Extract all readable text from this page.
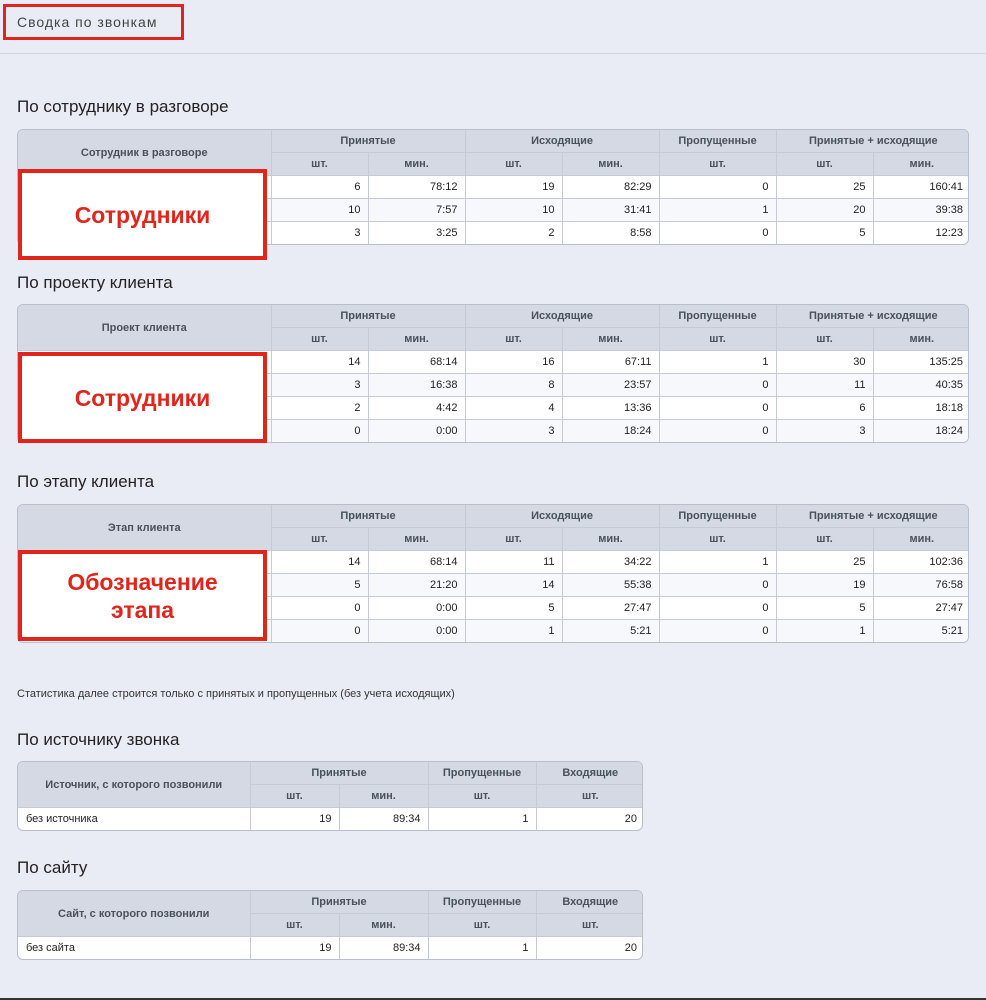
Сводка по звонкам
По сотруднику в разговоре
Сотрудник в разговоре	Принятые		Исходящие		Пропущенные	Принятые + исходящие	
	шт.	мин.	шт.	мин.	шт.	шт.	мин.
	6	78:12	19	82:29	0	25	160:41
	10	7:57	10	31:41	1	20	39:38
	3	3:25	2	8:58	0	5	12:23
Сотрудники
По проекту клиента
Проект клиента	Принятые		Исходящие		Пропущенные	Принятые + исходящие	
	шт.	мин.	шт.	мин.	шт.	шт.	мин.
	14	68:14	16	67:11	1	30	135:25
	3	16:38	8	23:57	0	11	40:35
	2	4:42	4	13:36	0	6	18:18
	0	0:00	3	18:24	0	3	18:24
Сотрудники
По этапу клиента
Этап клиента	Принятые		Исходящие		Пропущенные	Принятые + исходящие	
	шт.	мин.	шт.	мин.	шт.	шт.	мин.
	14	68:14	11	34:22	1	25	102:36
	5	21:20	14	55:38	0	19	76:58
	0	0:00	5	27:47	0	5	27:47
	0	0:00	1	5:21	0	1	5:21
Обозначение
этапа
Статистика далее строится только с принятых и пропущенных (без учета исходящих)
По источнику звонка
Источник, с которого позвонили	Принятые		Пропущенные	Входящие
	шт.	мин.	шт.	шт.
без источника	19	89:34	1	20
По сайту
Сайт, с которого позвонили	Принятые		Пропущенные	Входящие
	шт.	мин.	шт.	шт.
без сайта	19	89:34	1	20
